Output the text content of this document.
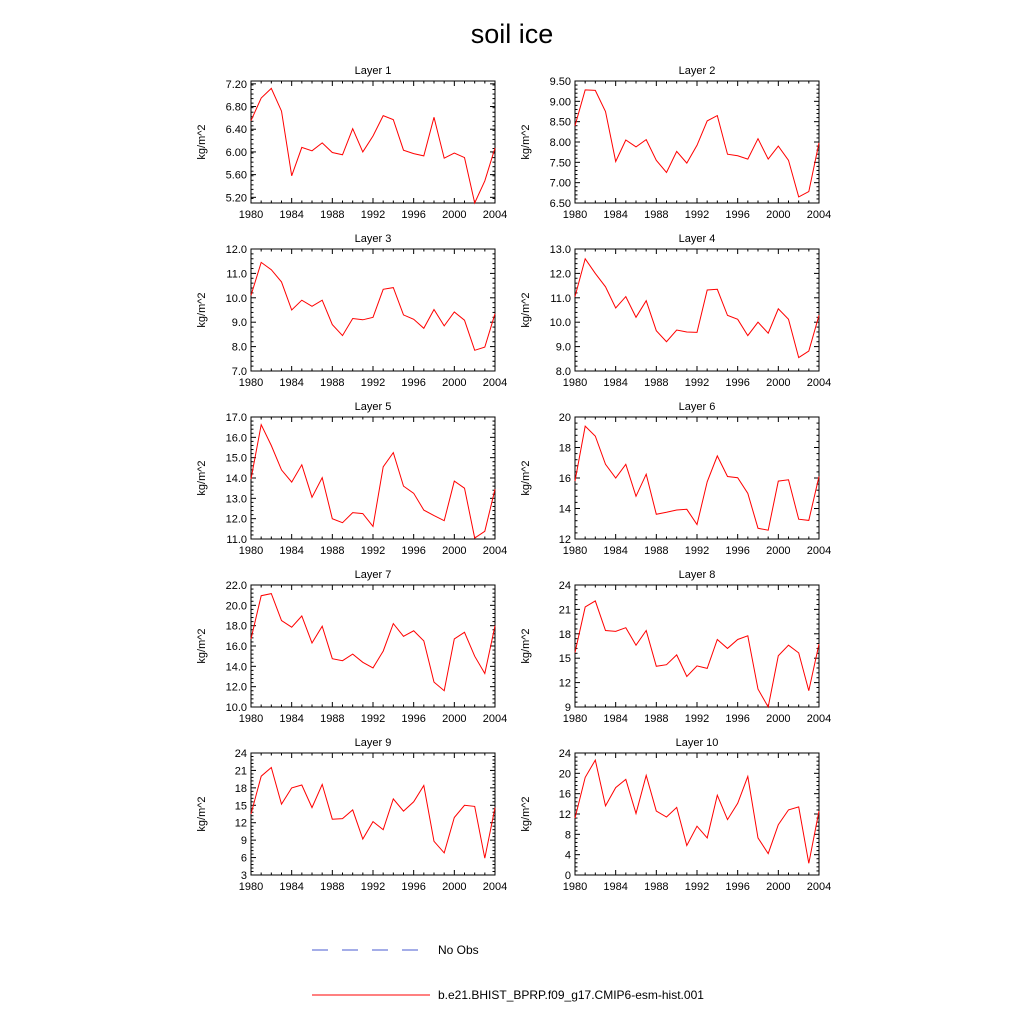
soil ice
Layer 1
kg/m^2
1980 1984 1988 1992 1996 2000 2004
5.20
5.60
6.00
6.40
6.80
7.20
Layer 2
kg/m^2
1980 1984 1988 1992 1996 2000 2004
6.50
7.00
7.50
8.00
8.50
9.00
9.50
Layer 3
kg/m^2
1980 1984 1988 1992 1996 2000 2004
7.0
8.0
9.0
10.0
11.0
12.0
Layer 4
kg/m^2
1980 1984 1988 1992 1996 2000 2004
8.0
9.0
10.0
11.0
12.0
13.0
Layer 5
kg/m^2
1980 1984 1988 1992 1996 2000 2004
11.0
12.0
13.0
14.0
15.0
16.0
17.0
Layer 6
kg/m^2
1980 1984 1988 1992 1996 2000 2004
12
14
16
18
20
Layer 7
kg/m^2
1980 1984 1988 1992 1996 2000 2004
10.0
12.0
14.0
16.0
18.0
20.0
22.0
Layer 8
kg/m^2
1980 1984 1988 1992 1996 2000 2004
9
12
15
18
21
24
Layer 9
kg/m^2
1980 1984 1988 1992 1996 2000 2004
3
6
9
12
15
18
21
24
Layer 10
kg/m^2
1980 1984 1988 1992 1996 2000 2004
0
4
8
12
16
20
24
No Obs
b.e21.BHIST_BPRP.f09_g17.CMIP6-esm-hist.001
